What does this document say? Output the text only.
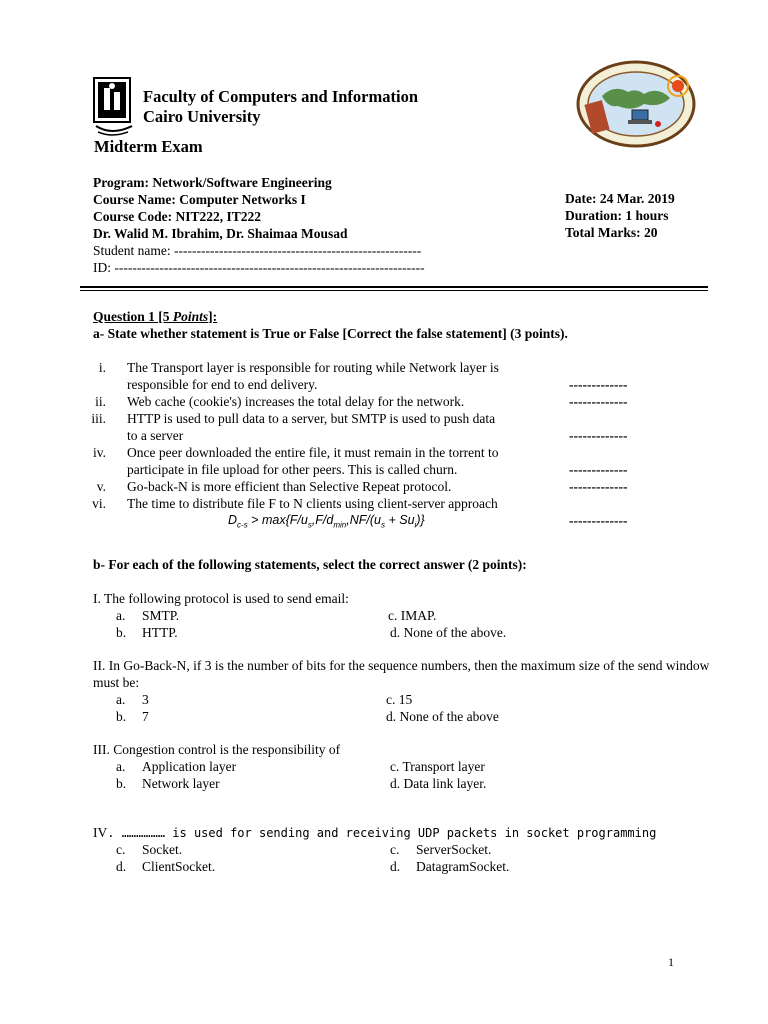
Faculty of Computers and Information
Cairo University
Midterm Exam
Program: Network/Software Engineering
Course Name: Computer Networks I
Course Code: NIT222, IT222
Dr. Walid M. Ibrahim, Dr. Shaimaa Mousad
Student name: -------------------------------------------------------
ID: ---------------------------------------------------------------------
Date: 24 Mar. 2019
Duration: 1 hours
Total Marks: 20
Question 1 [5 Points]:
a- State whether statement is True or False [Correct the false statement] (3 points).
i. The Transport layer is responsible for routing while Network layer is
responsible for end to end delivery.	-------------
ii. Web cache (cookie's) increases the total delay for the network.	-------------
iii. HTTP is used to pull data to a server, but SMTP is used to push data
to a server	-------------
iv. Once peer downloaded the entire file, it must remain in the torrent to
participate in file upload for other peers. This is called churn.	-------------
v. Go-back-N is more efficient than Selective Repeat protocol.	-------------
vi. The time to distribute file F to N clients using client-server approach
$D_{c-s} > \max\{F/u_s,F/d_{min},NF/(u_s + Su_i)\}$	-------------
b- For each of the following statements, select the correct answer (2 points):
I. The following protocol is used to send email:
a. SMTP.	c. IMAP.
b. HTTP.	d. None of the above.
II. In Go-Back-N, if 3 is the number of bits for the sequence numbers, then the maximum size of the send window must be:
a. 3	c. 15
b. 7	d. None of the above
III. Congestion control is the responsibility of
a. Application layer	c. Transport layer
b. Network layer	d. Data link layer.
IV. ……………… is used for sending and receiving UDP packets in socket programming
c. Socket.	c. ServerSocket.
d. ClientSocket.	d. DatagramSocket.
1
